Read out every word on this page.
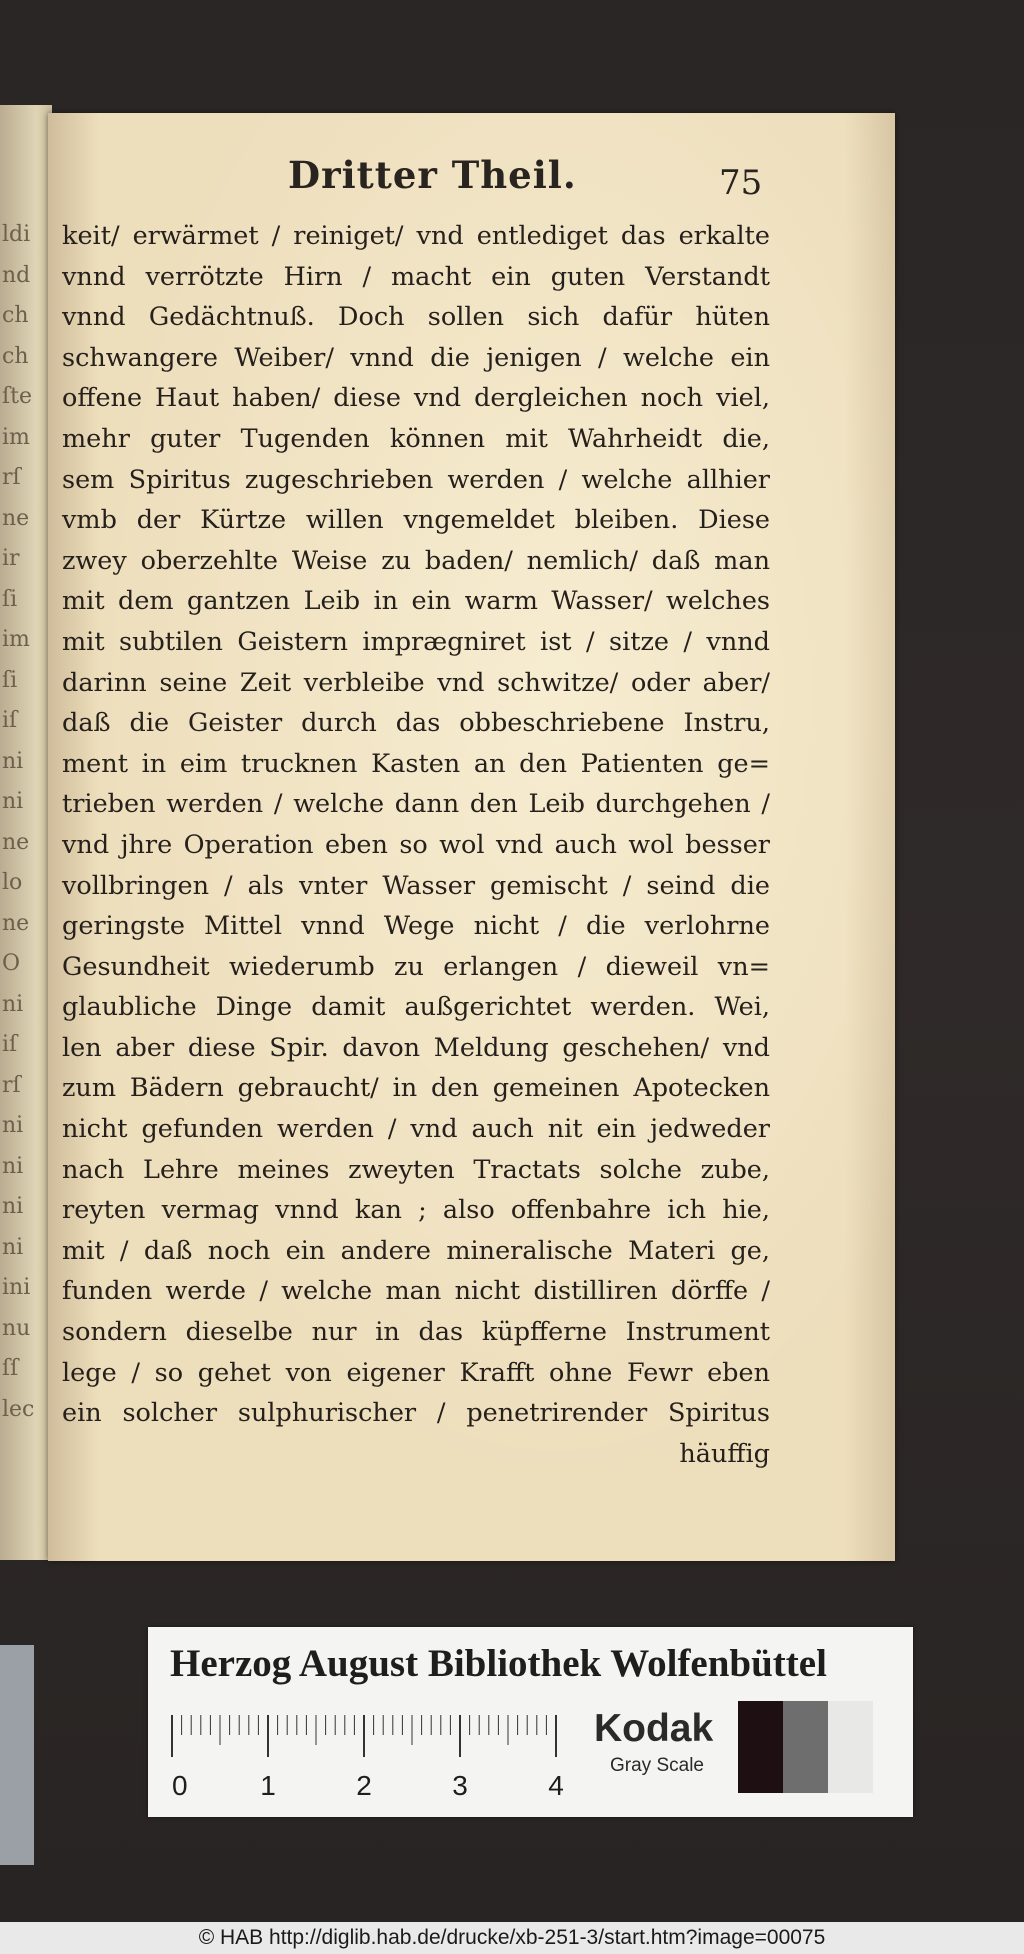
ldi
nd
ch
ch
ſte
im
rſ
ne
ir
ſi
im
ſi
iſ
ni
ni
ne
lo
ne
O
ni
iſ
rſ
ni
ni
ni
ni
ini
nu
ſſ
lec
Dritter Theil.	75
keit/ erwärmet / reiniget/ vnd entlediget das erkalte
vnnd verrötzte Hirn / macht ein guten Verstandt
vnnd Gedächtnuß. Doch sollen sich dafür hüten
schwangere Weiber/ vnnd die jenigen / welche ein
offene Haut haben/ diese vnd dergleichen noch viel,
mehr guter Tugenden können mit Wahrheidt die,
sem Spiritus zugeschrieben werden / welche allhier
vmb der Kürtze willen vngemeldet bleiben. Diese
zwey oberzehlte Weise zu baden/ nemlich/ daß man
mit dem gantzen Leib in ein warm Wasser/ welches
mit subtilen Geistern imprægniret ist / sitze / vnnd
darinn seine Zeit verbleibe vnd schwitze/ oder aber/
daß die Geister durch das obbeschriebene Instru,
ment in eim trucknen Kasten an den Patienten ge=
trieben werden / welche dann den Leib durchgehen /
vnd jhre Operation eben so wol vnd auch wol besser
vollbringen / als vnter Wasser gemischt / seind die
geringste Mittel vnnd Wege nicht / die verlohrne
Gesundheit wiederumb zu erlangen / dieweil vn=
glaubliche Dinge damit außgerichtet werden. Wei,
len aber diese Spir. davon Meldung geschehen/ vnd
zum Bädern gebraucht/ in den gemeinen Apotecken
nicht gefunden werden / vnd auch nit ein jedweder
nach Lehre meines zweyten Tractats solche zube,
reyten vermag vnnd kan ; also offenbahre ich hie,
mit / daß noch ein andere mineralische Materi ge,
funden werde / welche man nicht distilliren dörffe /
sondern dieselbe nur in das küpfferne Instrument
lege / so gehet von eigener Krafft ohne Fewr eben
ein solcher sulphurischer / penetrirender Spiritus
häuffig
Herzog August Bibliothek Wolfenbüttel
0	1	2	3	4
Kodak
Gray Scale
© HAB http://diglib.hab.de/drucke/xb-251-3/start.htm?image=00075
